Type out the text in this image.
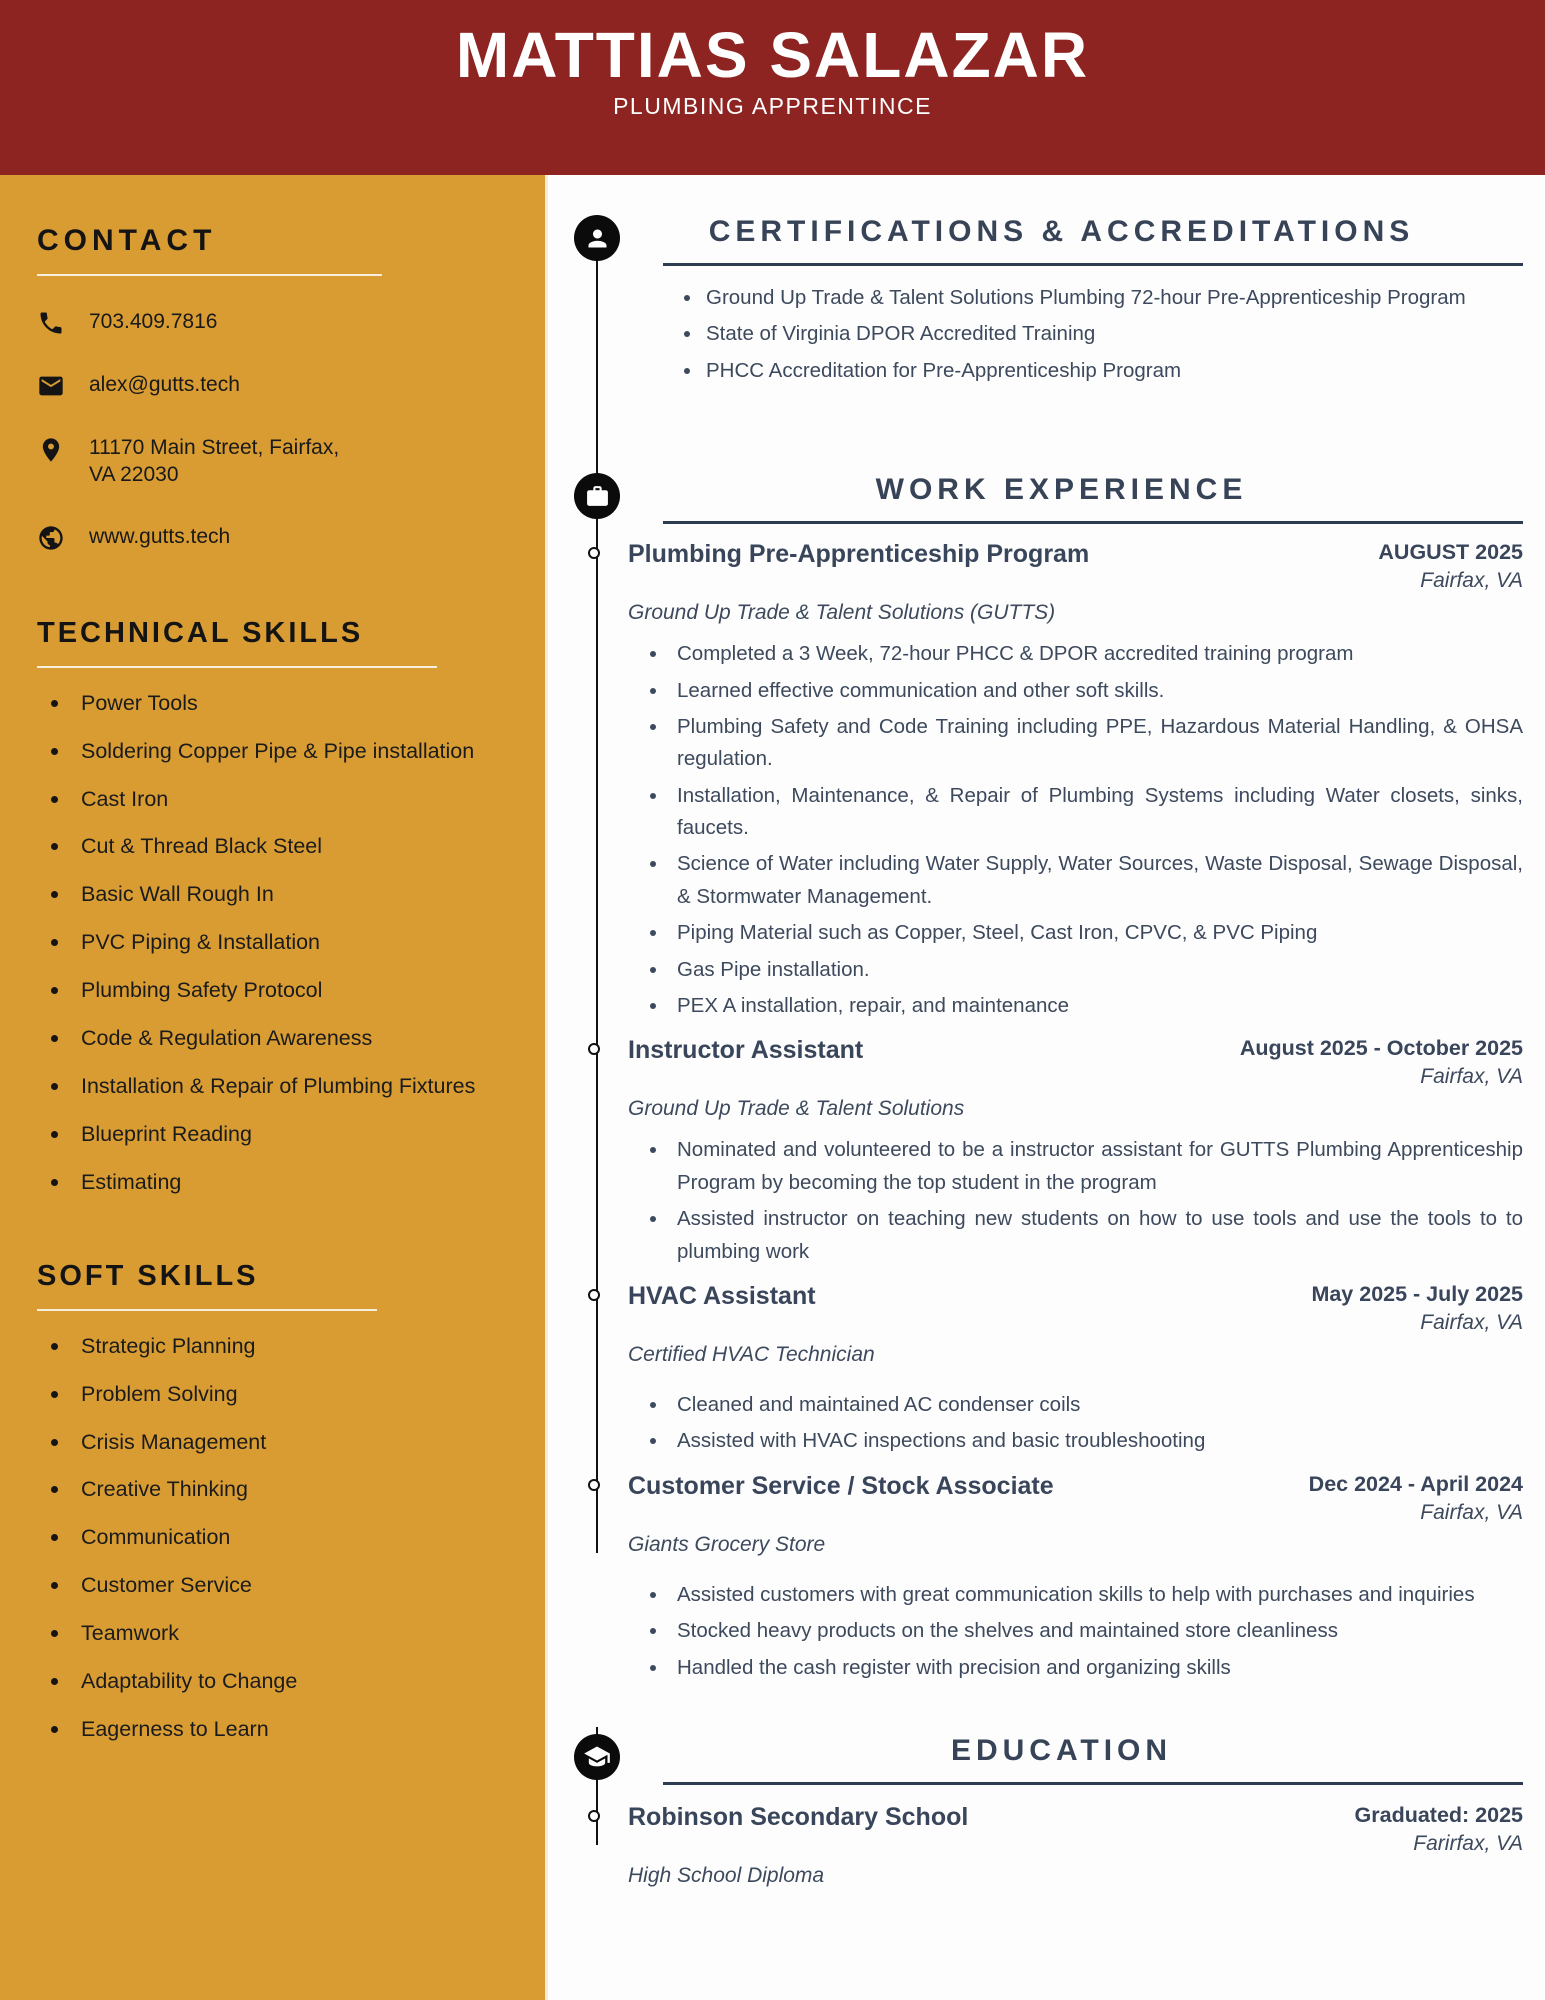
MATTIAS SALAZAR
PLUMBING APPRENTINCE
CONTACT
703.409.7816
alex@gutts.tech
11170 Main Street, Fairfax,
VA 22030
www.gutts.tech
TECHNICAL SKILLS
Power Tools
Soldering Copper Pipe & Pipe installation
Cast Iron
Cut & Thread Black Steel
Basic Wall Rough In
PVC Piping & Installation
Plumbing Safety Protocol
Code & Regulation Awareness
Installation & Repair of Plumbing Fixtures
Blueprint Reading
Estimating
SOFT SKILLS
Strategic Planning
Problem Solving
Crisis Management
Creative Thinking
Communication
Customer Service
Teamwork
Adaptability to Change
Eagerness to Learn
CERTIFICATIONS & ACCREDITATIONS
Ground Up Trade & Talent Solutions Plumbing 72-hour Pre-Apprenticeship Program
State of Virginia DPOR Accredited Training
PHCC Accreditation for Pre-Apprenticeship Program
WORK EXPERIENCE
Plumbing Pre-Apprenticeship Program	AUGUST 2025
Fairfax, VA
Ground Up Trade & Talent Solutions (GUTTS)
Completed a 3 Week, 72-hour PHCC & DPOR accredited training program
Learned effective communication and other soft skills.
Plumbing Safety and Code Training including PPE, Hazardous Material Handling, & OHSA regulation.
Installation, Maintenance, & Repair of Plumbing Systems including Water closets, sinks, faucets.
Science of Water including Water Supply, Water Sources, Waste Disposal, Sewage Disposal, & Stormwater Management.
Piping Material such as Copper, Steel, Cast Iron, CPVC, & PVC Piping
Gas Pipe installation.
PEX A installation, repair, and maintenance
Instructor Assistant	August 2025 - October 2025
Fairfax, VA
Ground Up Trade & Talent Solutions
Nominated and volunteered to be a instructor assistant for GUTTS Plumbing Apprenticeship Program by becoming the top student in the program
Assisted instructor on teaching new students on how to use tools and use the tools to to plumbing work
HVAC Assistant	May 2025 - July 2025
Fairfax, VA
Certified HVAC Technician
Cleaned and maintained AC condenser coils
Assisted with HVAC inspections and basic troubleshooting
Customer Service / Stock Associate	Dec 2024 - April 2024
Fairfax, VA
Giants Grocery Store
Assisted customers with great communication skills to help with purchases and inquiries
Stocked heavy products on the shelves and maintained store cleanliness
Handled the cash register with precision and organizing skills
EDUCATION
Robinson Secondary School	Graduated: 2025
Farirfax, VA
High School Diploma
